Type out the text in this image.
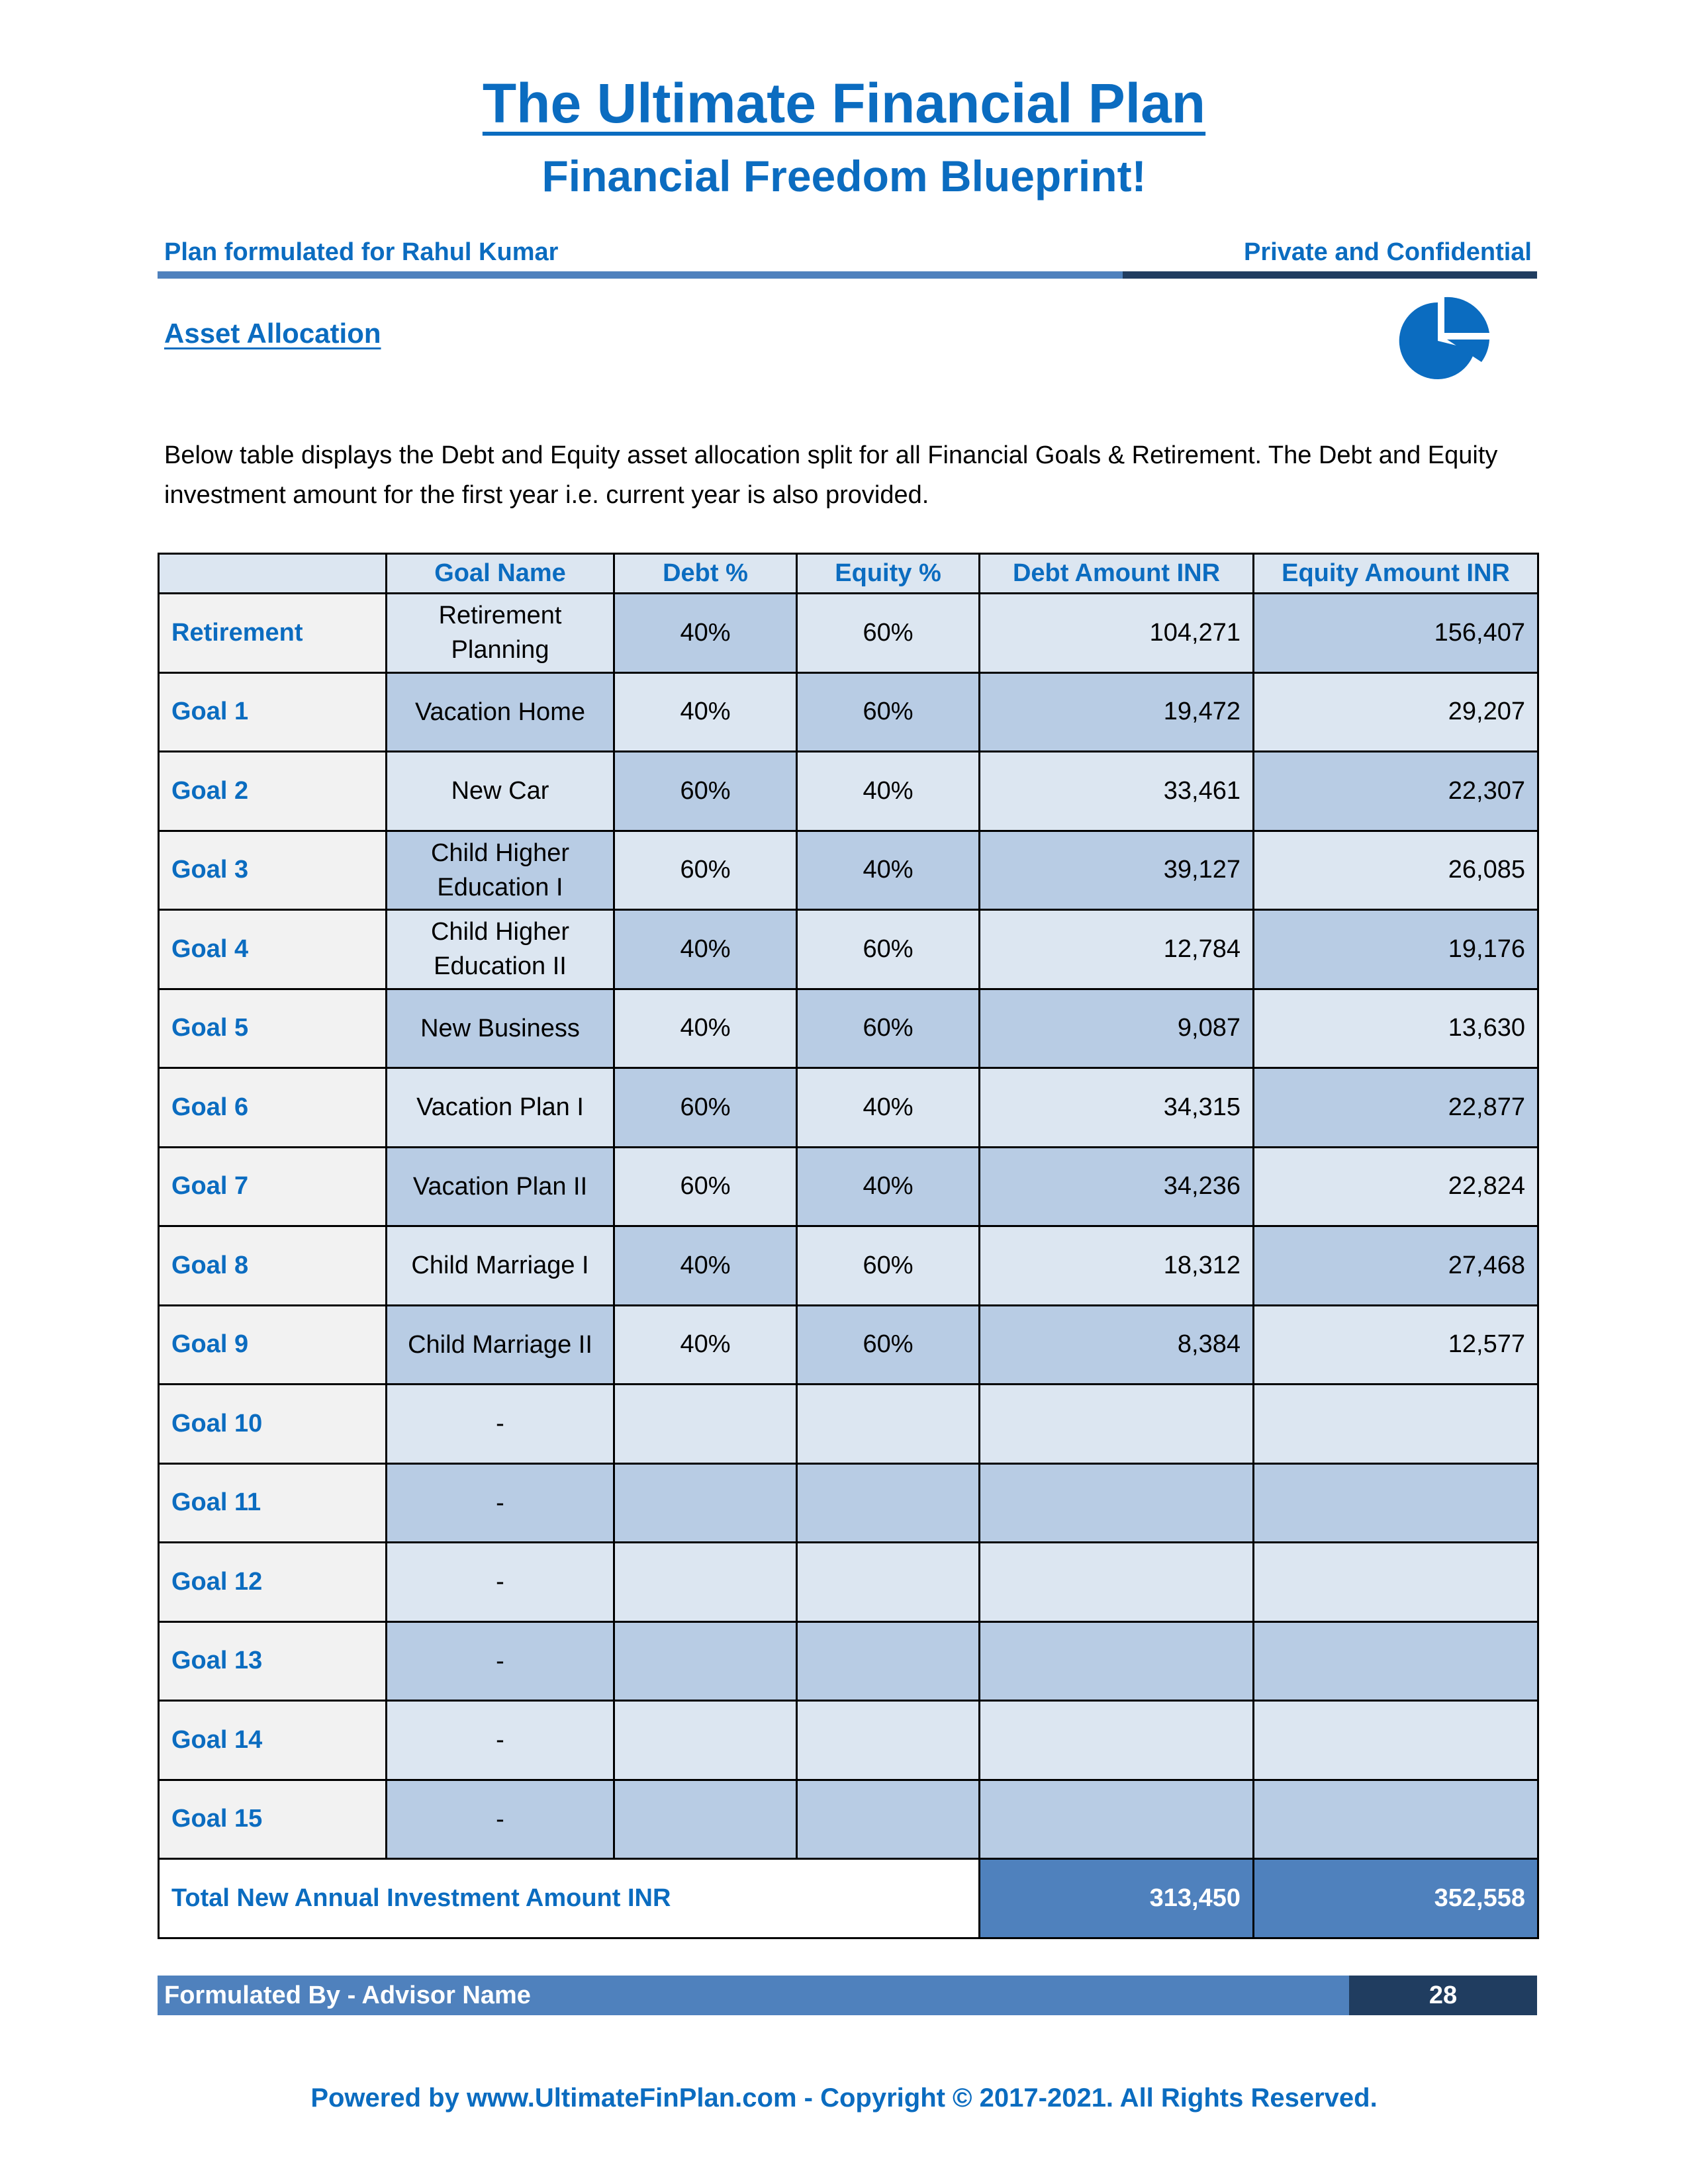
The Ultimate Financial Plan
Financial Freedom Blueprint!
Plan formulated for Rahul Kumar	Private and Confidential
Asset Allocation
Below table displays the Debt and Equity asset allocation split for all Financial Goals & Retirement. The Debt and Equity investment amount for the first year i.e. current year is also provided.
	Goal Name	Debt %	Equity %	Debt Amount INR	Equity Amount INR
Retirement	Retirement Planning	40%	60%	104,271	156,407
Goal 1	Vacation Home	40%	60%	19,472	29,207
Goal 2	New Car	60%	40%	33,461	22,307
Goal 3	Child Higher Education I	60%	40%	39,127	26,085
Goal 4	Child Higher Education II	40%	60%	12,784	19,176
Goal 5	New Business	40%	60%	9,087	13,630
Goal 6	Vacation Plan I	60%	40%	34,315	22,877
Goal 7	Vacation Plan II	60%	40%	34,236	22,824
Goal 8	Child Marriage I	40%	60%	18,312	27,468
Goal 9	Child Marriage II	40%	60%	8,384	12,577
Goal 10	-				
Goal 11	-				
Goal 12	-				
Goal 13	-				
Goal 14	-				
Goal 15	-				
Total New Annual Investment Amount INR				313,450	352,558
Formulated By - Advisor Name	28
Powered by www.UltimateFinPlan.com - Copyright © 2017-2021. All Rights Reserved.
